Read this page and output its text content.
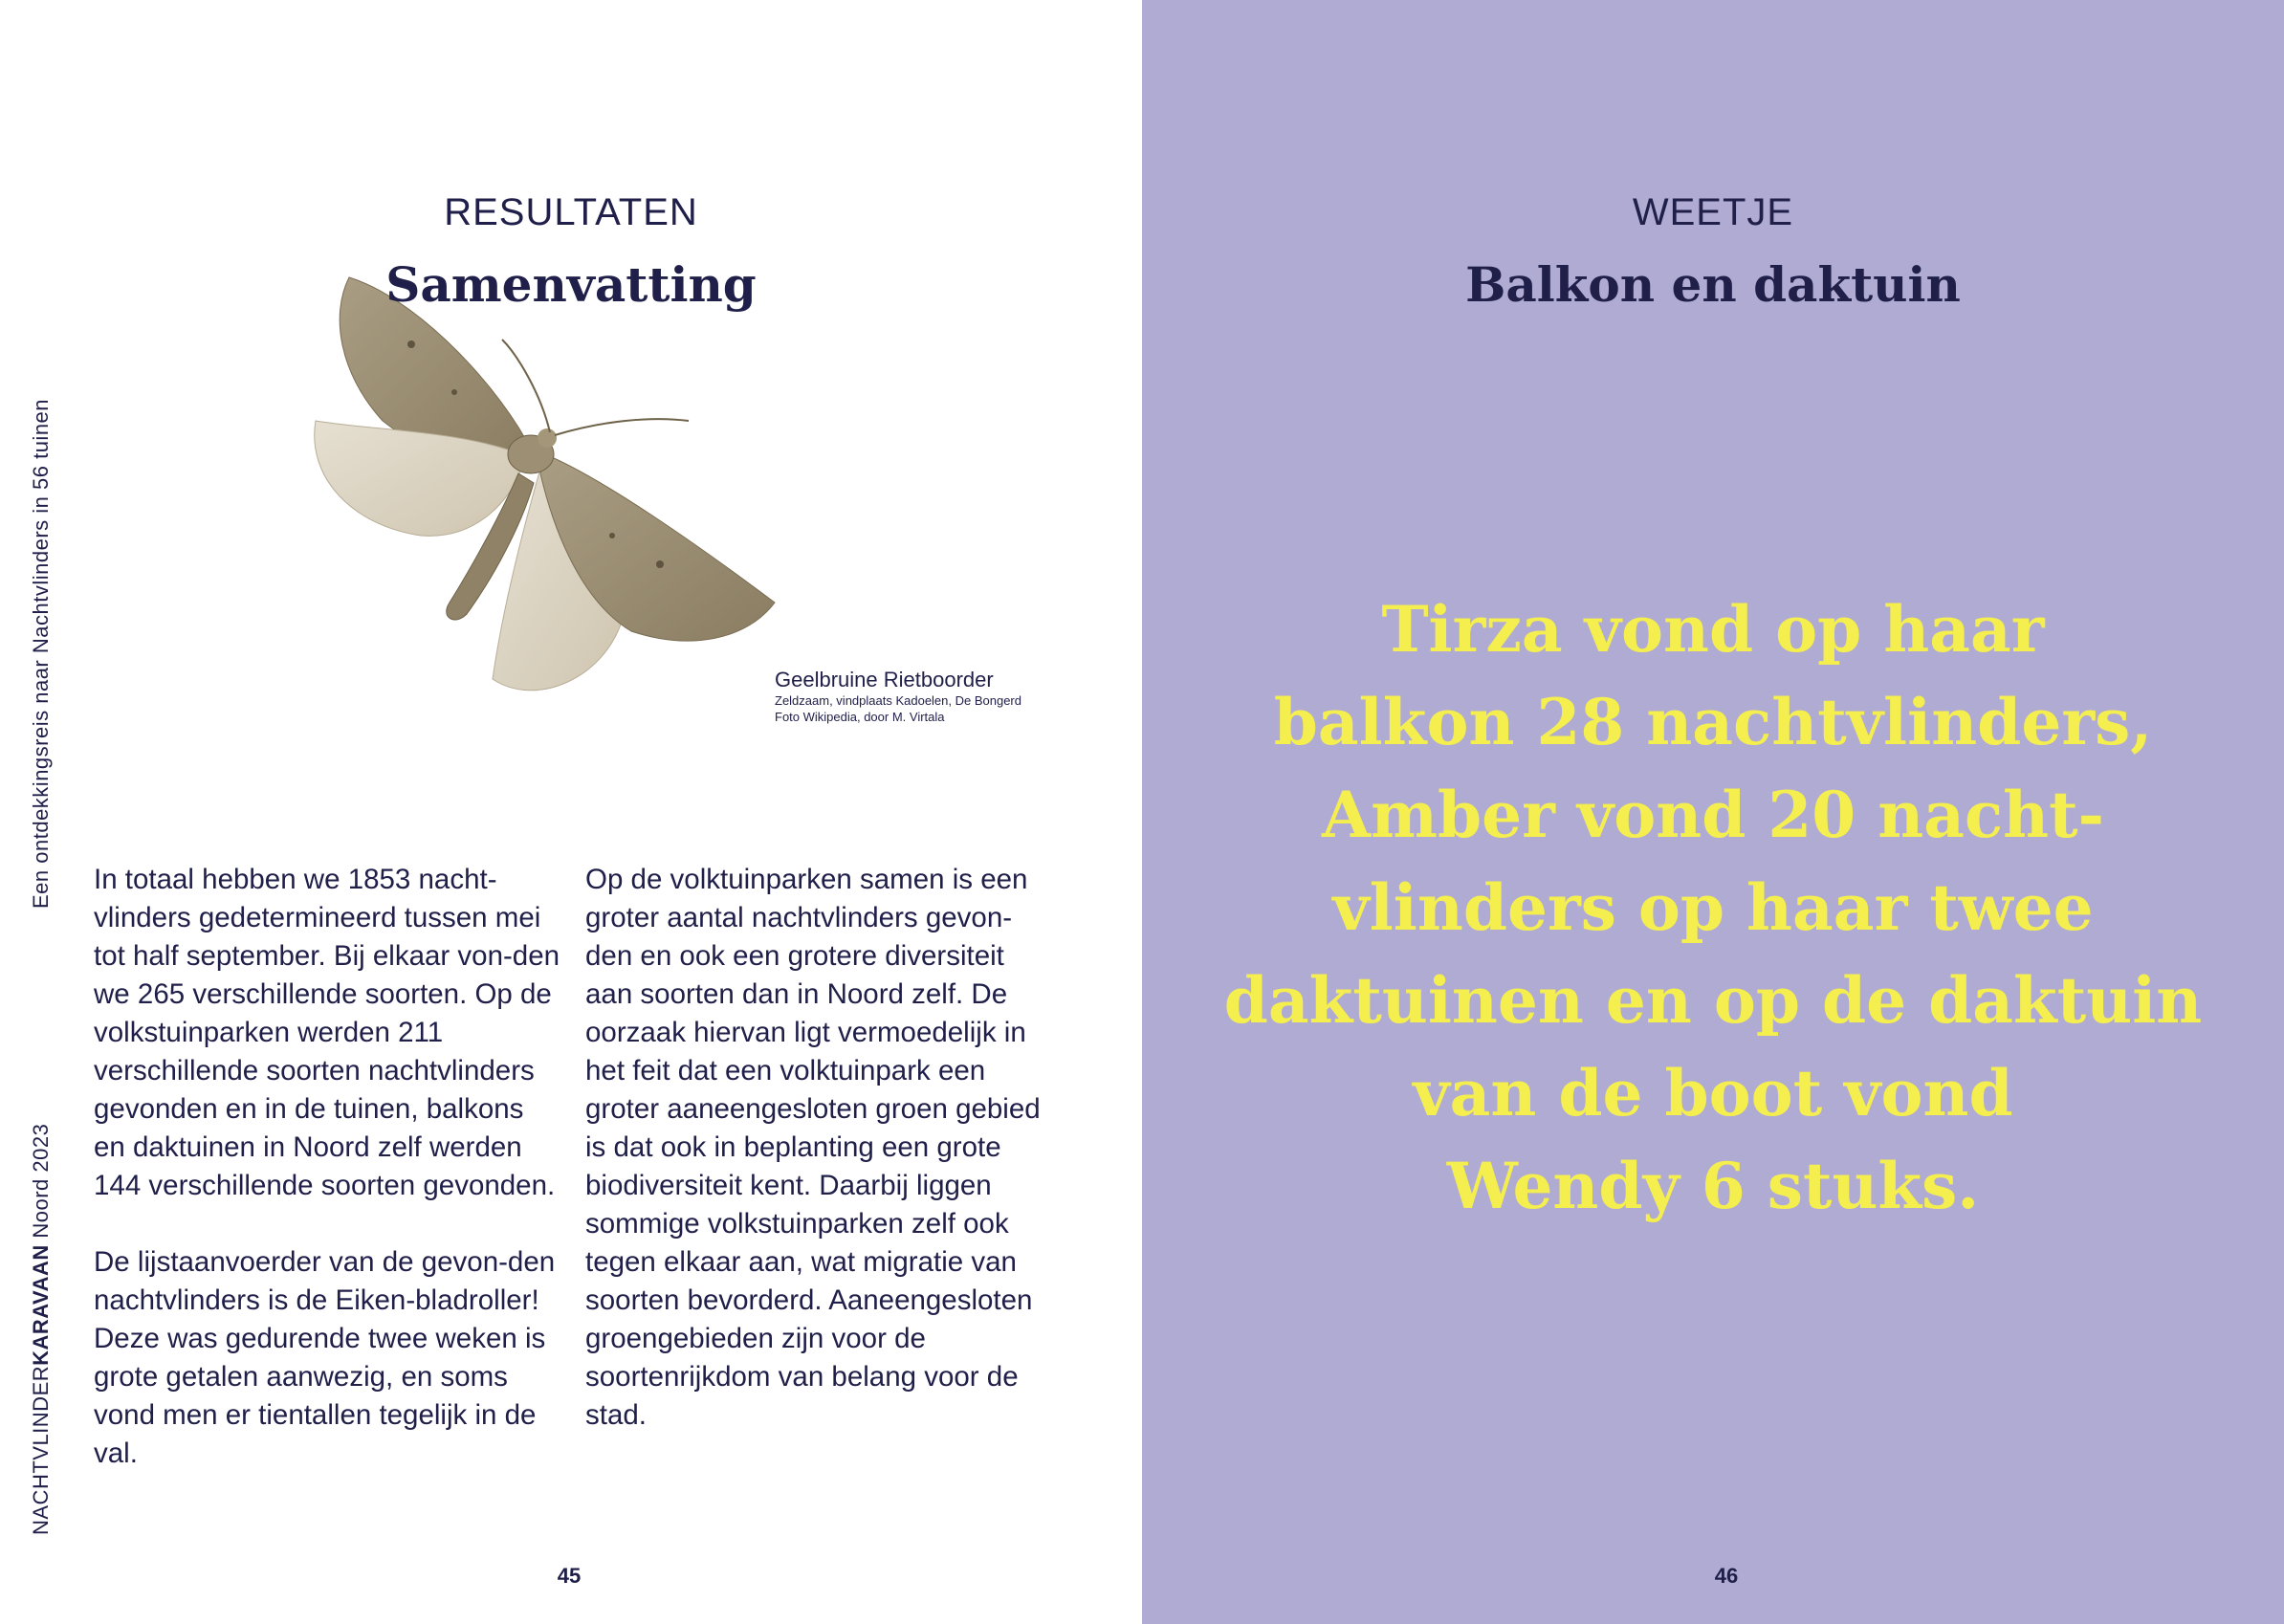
NACHTVLINDERKARAVAAN Noord 2023
Een ontdekkingsreis naar Nachtvlinders in 56 tuinen
RESULTATEN
Samenvatting
Geelbruine Rietboorder
Zeldzaam, vindplaats Kadoelen, De Bongerd
Foto Wikipedia, door M. Virtala

In totaal hebben we 1853 nacht-vlinders gedetermineerd tussen mei tot half september. Bij elkaar von-den we 265 verschillende soorten. Op de volkstuinparken werden 211 verschillende soorten nachtvlinders gevonden en in de tuinen, balkons en daktuinen in Noord zelf werden 144 verschillende soorten gevonden.

De lijstaanvoerder van de gevon-den nachtvlinders is de Eiken-bladroller! Deze was gedurende twee weken is grote getalen aanwezig, en soms vond men er tientallen tegelijk in de val.

Op de volktuinparken samen is een groter aantal nachtvlinders gevon-den en ook een grotere diversiteit aan soorten dan in Noord zelf. De oorzaak hiervan ligt vermoedelijk in het feit dat een volktuinpark een groter aaneengesloten groen gebied is dat ook in beplanting een grote biodiversiteit kent. Daarbij liggen sommige volkstuinparken zelf ook tegen elkaar aan, wat migratie van soorten bevorderd. Aaneengesloten groengebieden zijn voor de soortenrijkdom van belang voor de stad.

45
WEETJE
Balkon en daktuin
Tirza vond op haar
balkon 28 nachtvlinders,
Amber vond 20 nacht-
vlinders op haar twee
daktuinen en op de daktuin
van de boot vond
Wendy 6 stuks.
46
